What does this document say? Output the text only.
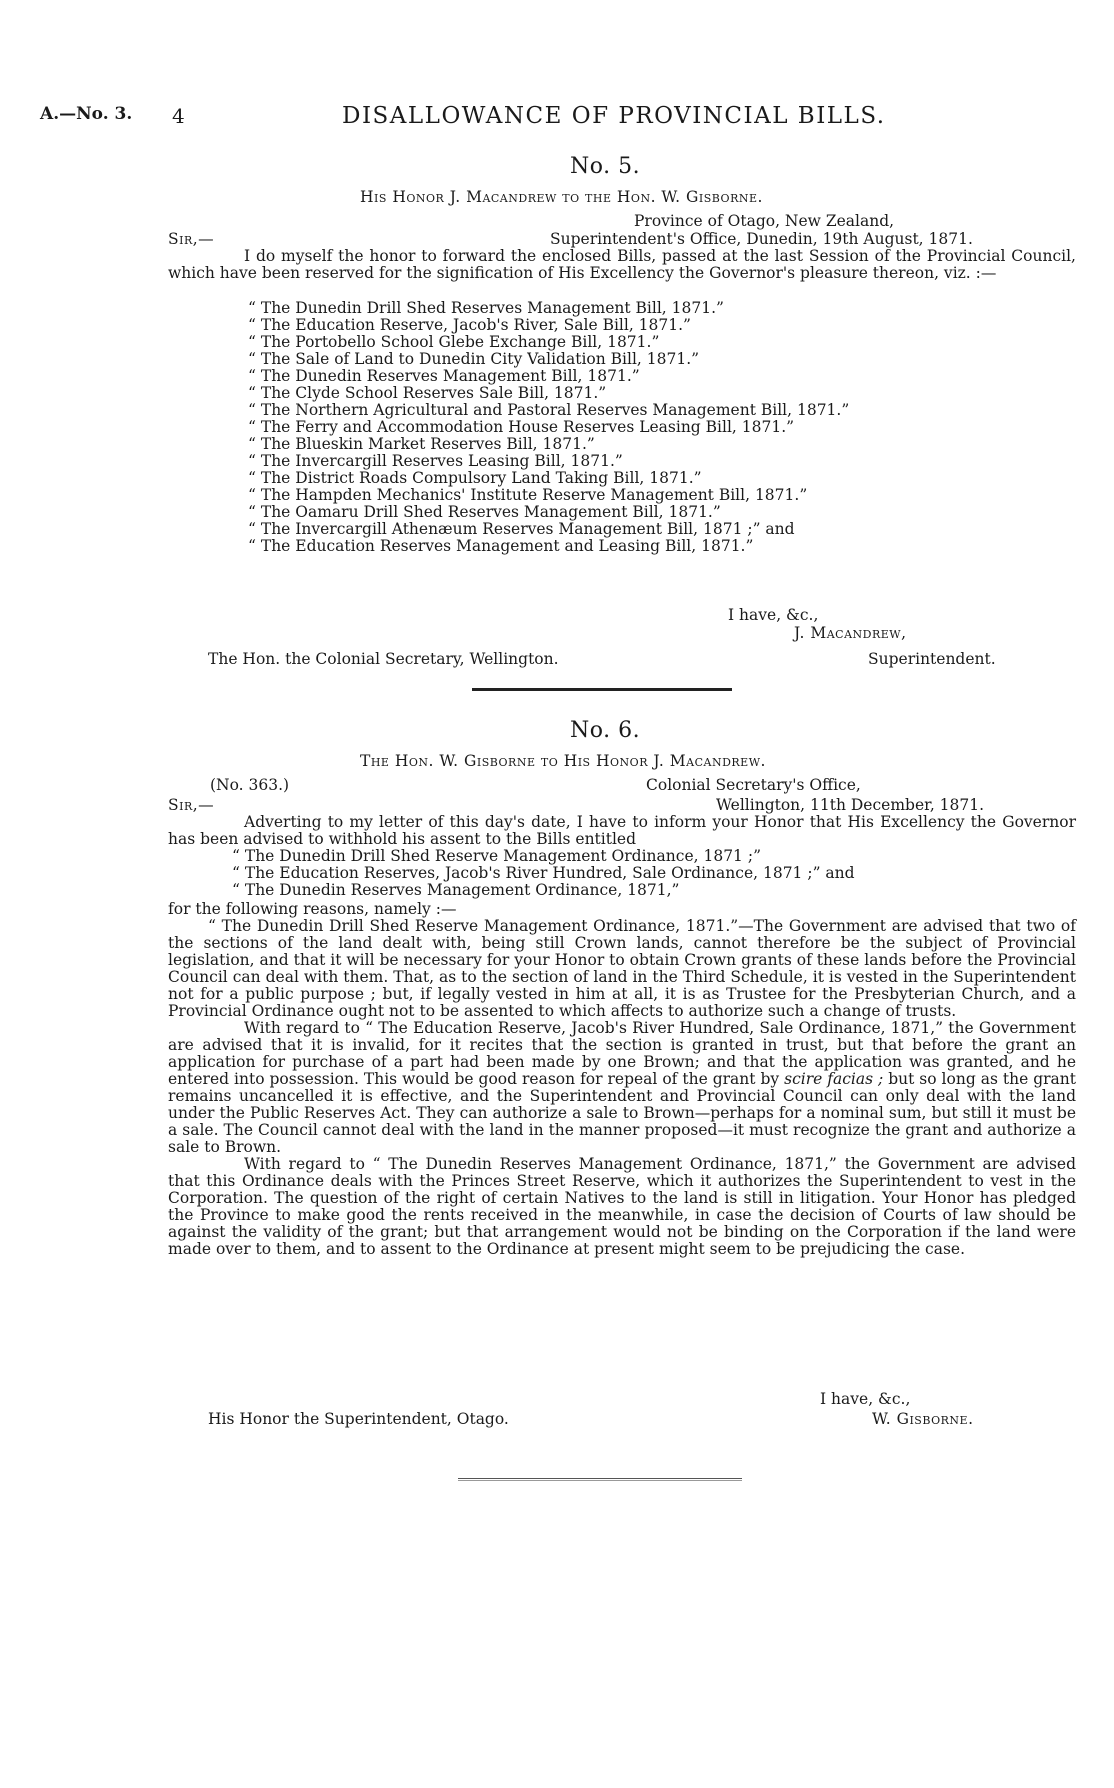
A.—No. 3. 4	DISALLOWANCE OF PROVINCIAL BILLS.
No. 5.
His Honor J. Macandrew to the Hon. W. Gisborne.
Province of Otago, New Zealand,
Sir,—	Superintendent's Office, Dunedin, 19th August, 1871.

I do myself the honor to forward the enclosed Bills, passed at the last Session of the Provincial Council, which have been reserved for the signification of His Excellency the Governor's pleasure thereon, viz. :—

“ The Dunedin Drill Shed Reserves Management Bill, 1871.”
“ The Education Reserve, Jacob's River, Sale Bill, 1871.”
“ The Portobello School Glebe Exchange Bill, 1871.”
“ The Sale of Land to Dunedin City Validation Bill, 1871.”
“ The Dunedin Reserves Management Bill, 1871.”
“ The Clyde School Reserves Sale Bill, 1871.”
“ The Northern Agricultural and Pastoral Reserves Management Bill, 1871.”
“ The Ferry and Accommodation House Reserves Leasing Bill, 1871.”
“ The Blueskin Market Reserves Bill, 1871.”
“ The Invercargill Reserves Leasing Bill, 1871.”
“ The District Roads Compulsory Land Taking Bill, 1871.”
“ The Hampden Mechanics' Institute Reserve Management Bill, 1871.”
“ The Oamaru Drill Shed Reserves Management Bill, 1871.”
“ The Invercargill Athenæum Reserves Management Bill, 1871 ;” and
“ The Education Reserves Management and Leasing Bill, 1871.”
I have, &c.,
J. Macandrew,
The Hon. the Colonial Secretary, Wellington.	Superintendent.
No. 6.
The Hon. W. Gisborne to His Honor J. Macandrew.
(No. 363.)	Colonial Secretary's Office,
Sir,—	Wellington, 11th December, 1871.

Adverting to my letter of this day's date, I have to inform your Honor that His Excellency the Governor has been advised to withhold his assent to the Bills entitled

“ The Dunedin Drill Shed Reserve Management Ordinance, 1871 ;”
“ The Education Reserves, Jacob's River Hundred, Sale Ordinance, 1871 ;” and
“ The Dunedin Reserves Management Ordinance, 1871,”
for the following reasons, namely :—

“ The Dunedin Drill Shed Reserve Management Ordinance, 1871.”—The Government are advised that two of the sections of the land dealt with, being still Crown lands, cannot therefore be the subject of Provincial legislation, and that it will be necessary for your Honor to obtain Crown grants of these lands before the Provincial Council can deal with them. That, as to the section of land in the Third Schedule, it is vested in the Superintendent not for a public purpose ; but, if legally vested in him at all, it is as Trustee for the Presbyterian Church, and a Provincial Ordinance ought not to be assented to which affects to authorize such a change of trusts.

With regard to “ The Education Reserve, Jacob's River Hundred, Sale Ordinance, 1871,” the Government are advised that it is invalid, for it recites that the section is granted in trust, but that before the grant an application for purchase of a part had been made by one Brown; and that the application was granted, and he entered into possession. This would be good reason for repeal of the grant by scire facias ; but so long as the grant remains uncancelled it is effective, and the Superintendent and Provincial Council can only deal with the land under the Public Reserves Act. They can authorize a sale to Brown—perhaps for a nominal sum, but still it must be a sale. The Council cannot deal with the land in the manner proposed—it must recognize the grant and authorize a sale to Brown.

With regard to “ The Dunedin Reserves Management Ordinance, 1871,” the Government are advised that this Ordinance deals with the Princes Street Reserve, which it authorizes the Superintendent to vest in the Corporation. The question of the right of certain Natives to the land is still in litigation. Your Honor has pledged the Province to make good the rents received in the meanwhile, in case the decision of Courts of law should be against the validity of the grant; but that arrangement would not be binding on the Corporation if the land were made over to them, and to assent to the Ordinance at present might seem to be prejudicing the case.

I have, &c.,
His Honor the Superintendent, Otago.	W. Gisborne.
